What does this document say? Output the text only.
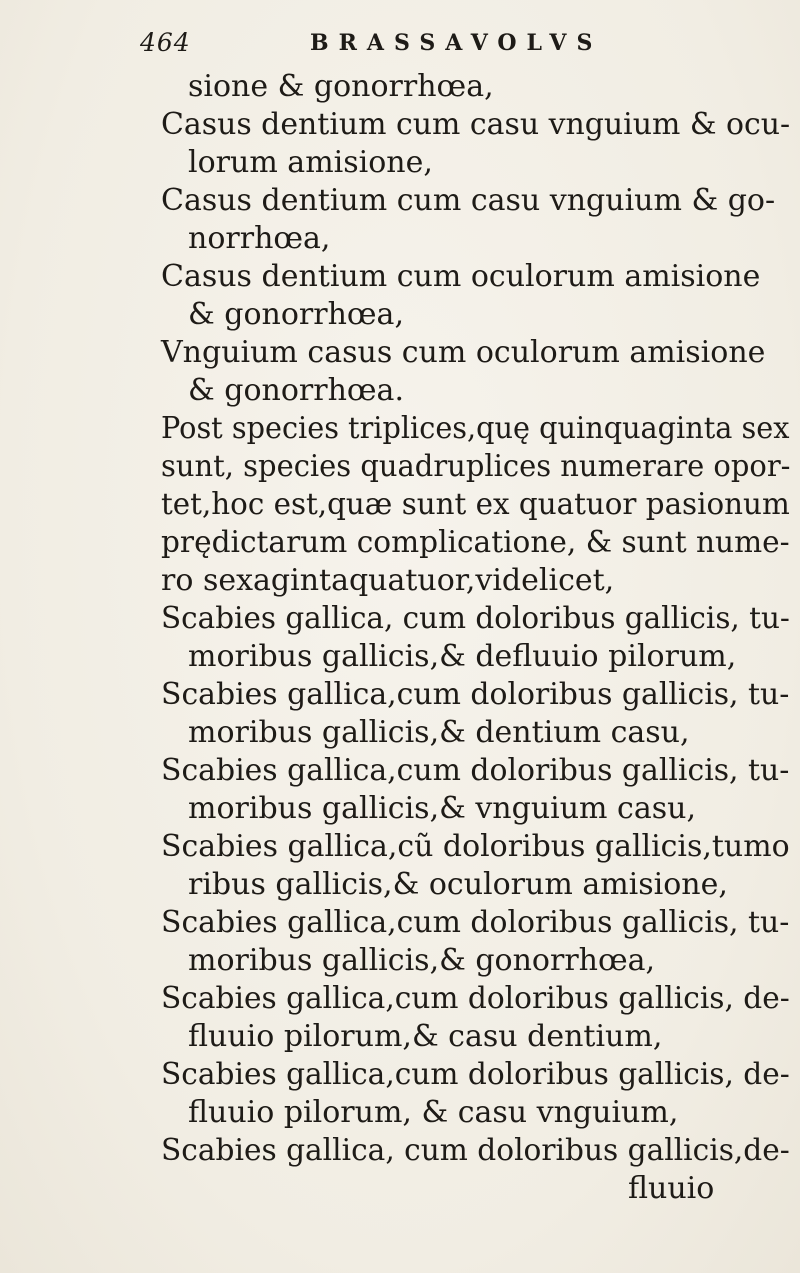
464	BRASSAVOLVS
sione & gonorrhœa,
Casus dentium cum casu vnguium & ocu-
lorum amisione,
Casus dentium cum casu vnguium & go-
norrhœa,
Casus dentium cum oculorum amisione
& gonorrhœa,
Vnguium casus cum oculorum amisione
& gonorrhœa.
Post species triplices,quę quinquaginta sex
sunt, species quadruplices numerare opor-
tet,hoc est,quæ sunt ex quatuor pasionum
prędictarum complicatione, & sunt nume-
ro sexagintaquatuor,videlicet,
Scabies gallica, cum doloribus gallicis, tu-
moribus gallicis,& defluuio pilorum,
Scabies gallica,cum doloribus gallicis, tu-
moribus gallicis,& dentium casu,
Scabies gallica,cum doloribus gallicis, tu-
moribus gallicis,& vnguium casu,
Scabies gallica,cũ doloribus gallicis,tumo
ribus gallicis,& oculorum amisione,
Scabies gallica,cum doloribus gallicis, tu-
moribus gallicis,& gonorrhœa,
Scabies gallica,cum doloribus gallicis, de-
fluuio pilorum,& casu dentium,
Scabies gallica,cum doloribus gallicis, de-
fluuio pilorum, & casu vnguium,
Scabies gallica, cum doloribus gallicis,de-
fluuio
